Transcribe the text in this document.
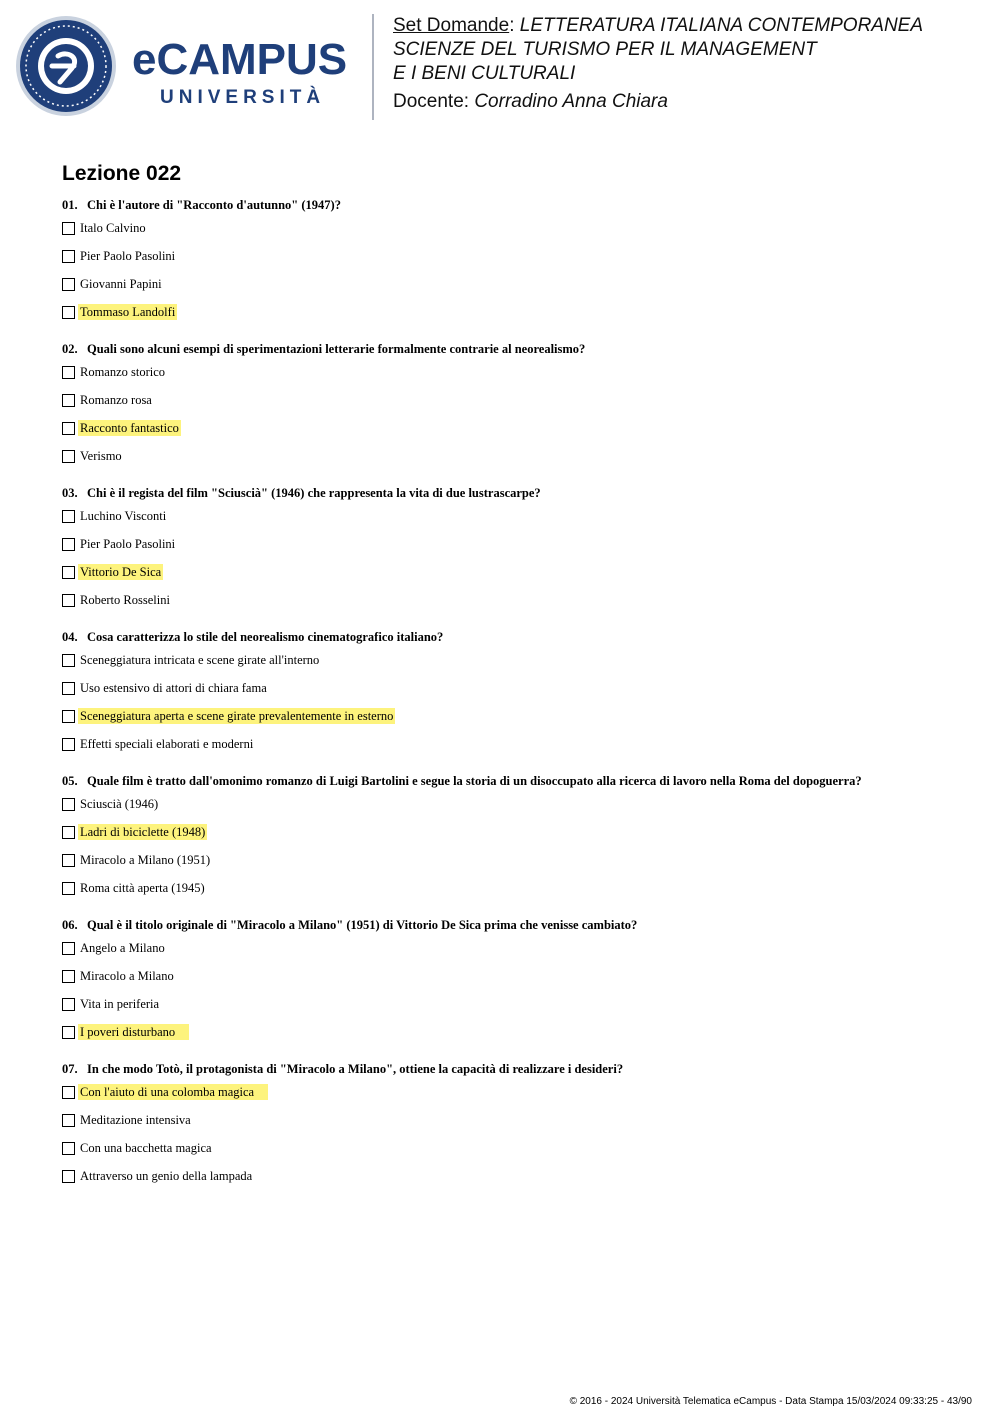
eCAMPUS
UNIVERSITÀ
Set Domande: LETTERATURA ITALIANA CONTEMPORANEA
SCIENZE DEL TURISMO PER IL MANAGEMENT
E I BENI CULTURALI
Docente: Corradino Anna Chiara
Lezione 022
01. Chi è l'autore di "Racconto d'autunno" (1947)?
Italo Calvino
Pier Paolo Pasolini
Giovanni Papini
Tommaso Landolfi
02. Quali sono alcuni esempi di sperimentazioni letterarie formalmente contrarie al neorealismo?
Romanzo storico
Romanzo rosa
Racconto fantastico
Verismo
03. Chi è il regista del film "Sciuscià" (1946) che rappresenta la vita di due lustrascarpe?
Luchino Visconti
Pier Paolo Pasolini
Vittorio De Sica
Roberto Rosselini
04. Cosa caratterizza lo stile del neorealismo cinematografico italiano?
Sceneggiatura intricata e scene girate all'interno
Uso estensivo di attori di chiara fama
Sceneggiatura aperta e scene girate prevalentemente in esterno
Effetti speciali elaborati e moderni
05. Quale film è tratto dall'omonimo romanzo di Luigi Bartolini e segue la storia di un disoccupato alla ricerca di lavoro nella Roma del dopoguerra?
Sciuscià (1946)
Ladri di biciclette (1948)
Miracolo a Milano (1951)
Roma città aperta (1945)
06. Qual è il titolo originale di "Miracolo a Milano" (1951) di Vittorio De Sica prima che venisse cambiato?
Angelo a Milano
Miracolo a Milano
Vita in periferia
I poveri disturbano
07. In che modo Totò, il protagonista di "Miracolo a Milano", ottiene la capacità di realizzare i desideri?
Con l'aiuto di una colomba magica
Meditazione intensiva
Con una bacchetta magica
Attraverso un genio della lampada
© 2016 - 2024 Università Telematica eCampus - Data Stampa 15/03/2024 09:33:25 - 43/90
